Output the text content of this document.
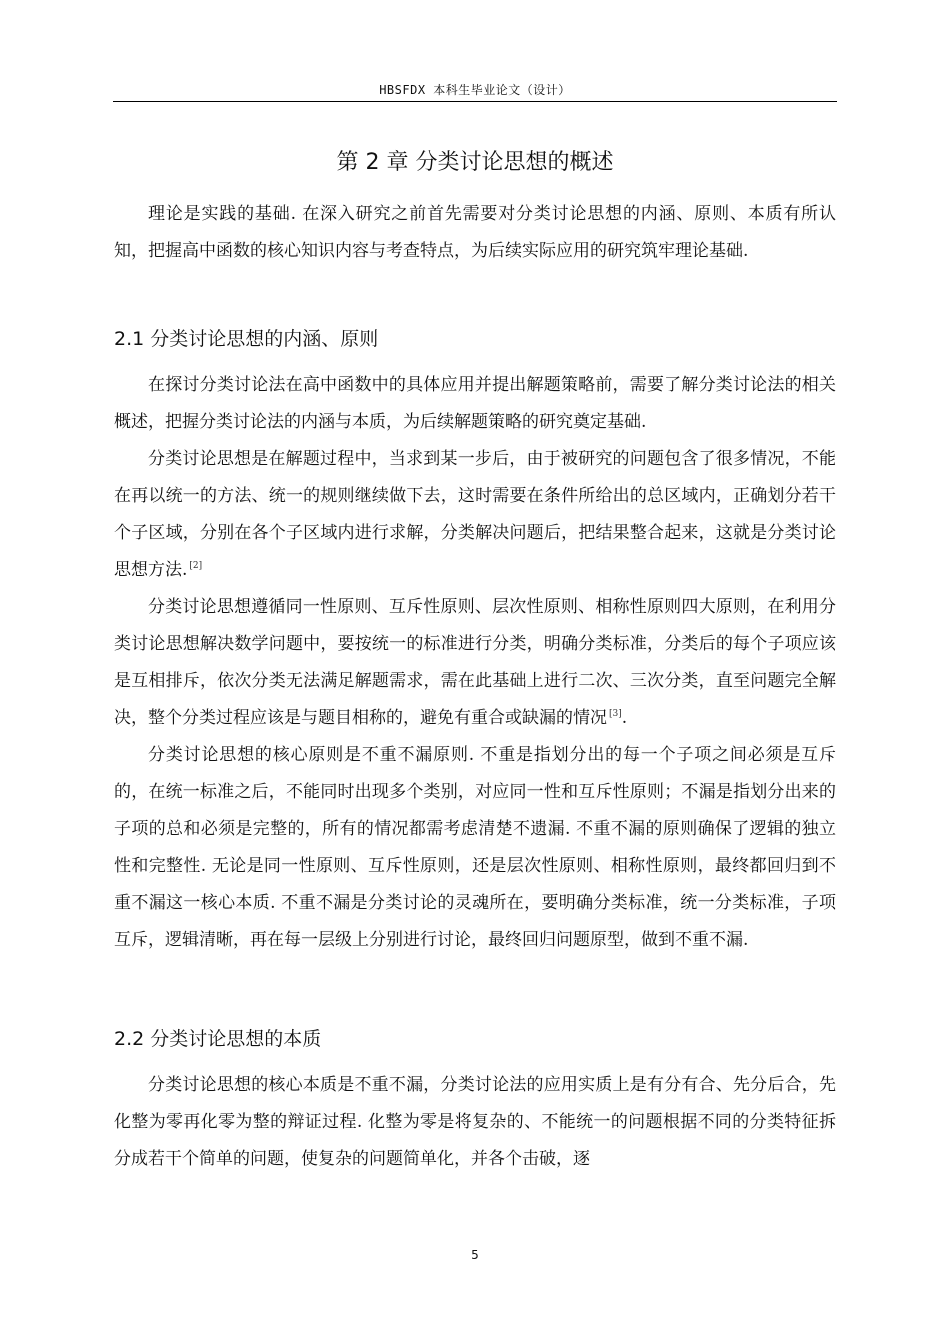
HBSFDX 本科生毕业论文（设计）
第 2 章 分类讨论思想的概述

理论是实践的基础. 在深入研究之前首先需要对分类讨论思想的内涵、原则、本质有所认知，把握高中函数的核心知识内容与考查特点，为后续实际应用的研究筑牢理论基础.

2.1 分类讨论思想的内涵、原则

在探讨分类讨论法在高中函数中的具体应用并提出解题策略前，需要了解分类讨论法的相关概述，把握分类讨论法的内涵与本质，为后续解题策略的研究奠定基础.

分类讨论思想是在解题过程中，当求到某一步后，由于被研究的问题包含了很多情况，不能在再以统一的方法、统一的规则继续做下去，这时需要在条件所给出的总区域内，正确划分若干个子区域，分别在各个子区域内进行求解，分类解决问题后，把结果整合起来，这就是分类讨论思想方法. [2]

分类讨论思想遵循同一性原则、互斥性原则、层次性原则、相称性原则四大原则，在利用分类讨论思想解决数学问题中，要按统一的标准进行分类，明确分类标准，分类后的每个子项应该是互相排斥，依次分类无法满足解题需求，需在此基础上进行二次、三次分类，直至问题完全解决，整个分类过程应该是与题目相称的，避免有重合或缺漏的情况 [3].

分类讨论思想的核心原则是不重不漏原则. 不重是指划分出的每一个子项之间必须是互斥的，在统一标准之后，不能同时出现多个类别，对应同一性和互斥性原则；不漏是指划分出来的子项的总和必须是完整的，所有的情况都需考虑清楚不遗漏. 不重不漏的原则确保了逻辑的独立性和完整性. 无论是同一性原则、互斥性原则，还是层次性原则、相称性原则，最终都回归到不重不漏这一核心本质. 不重不漏是分类讨论的灵魂所在，要明确分类标准，统一分类标准，子项互斥，逻辑清晰，再在每一层级上分别进行讨论，最终回归问题原型，做到不重不漏.

2.2 分类讨论思想的本质

分类讨论思想的核心本质是不重不漏，分类讨论法的应用实质上是有分有合、先分后合，先化整为零再化零为整的辩证过程. 化整为零是将复杂的、不能统一的问题根据不同的分类特征拆分成若干个简单的问题，使复杂的问题简单化，并各个击破，逐

5
